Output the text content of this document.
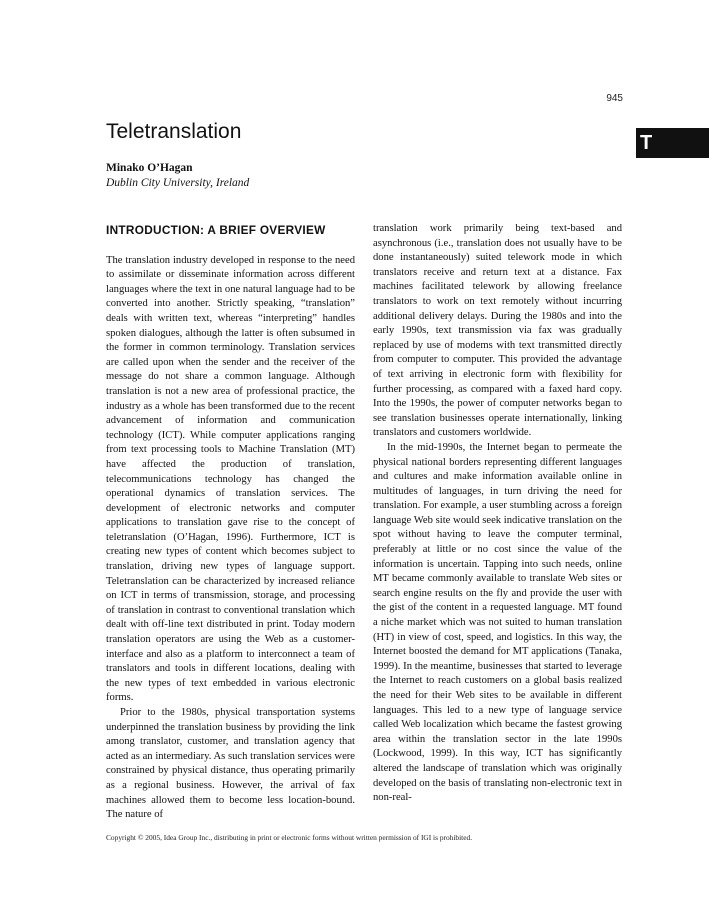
945
T
Teletranslation
Minako O’Hagan
Dublin City University, Ireland
INTRODUCTION: A BRIEF OVERVIEW

The translation industry developed in response to the need to assimilate or disseminate information across different languages where the text in one natural language had to be converted into another. Strictly speaking, “translation” deals with written text, whereas “interpreting” handles spoken dialogues, although the latter is often subsumed in the former in common terminology. Translation services are called upon when the sender and the receiver of the message do not share a common language. Although translation is not a new area of professional practice, the industry as a whole has been transformed due to the recent advancement of information and communication technology (ICT). While computer applications ranging from text processing tools to Machine Translation (MT) have affected the production of translation, telecommunications technology has changed the operational dynamics of translation services. The development of electronic networks and computer applications to translation gave rise to the concept of teletranslation (O’Hagan, 1996). Furthermore, ICT is creating new types of content which becomes subject to translation, driving new types of language support. Teletranslation can be characterized by increased reliance on ICT in terms of transmission, storage, and processing of translation in contrast to conventional translation which dealt with off-line text distributed in print. Today modern translation operators are using the Web as a customer-interface and also as a platform to interconnect a team of translators and tools in different locations, dealing with the new types of text embedded in various electronic forms.

Prior to the 1980s, physical transportation systems underpinned the translation business by providing the link among translator, customer, and translation agency that acted as an intermediary. As such translation services were constrained by physical distance, thus operating primarily as a regional business. However, the arrival of fax machines allowed them to become less location-bound. The nature of

translation work primarily being text-based and asynchronous (i.e., translation does not usually have to be done instantaneously) suited telework mode in which translators receive and return text at a distance. Fax machines facilitated telework by allowing freelance translators to work on text remotely without incurring additional delivery delays. During the 1980s and into the early 1990s, text transmission via fax was gradually replaced by use of modems with text transmitted directly from computer to computer. This provided the advantage of text arriving in electronic form with flexibility for further processing, as compared with a faxed hard copy. Into the 1990s, the power of computer networks began to see translation businesses operate internationally, linking translators and customers worldwide.

In the mid-1990s, the Internet began to permeate the physical national borders representing different languages and cultures and make information available online in multitudes of languages, in turn driving the need for translation. For example, a user stumbling across a foreign language Web site would seek indicative translation on the spot without having to leave the computer terminal, preferably at little or no cost since the value of the information is uncertain. Tapping into such needs, online MT became commonly available to translate Web sites or search engine results on the fly and provide the user with the gist of the content in a requested language. MT found a niche market which was not suited to human translation (HT) in view of cost, speed, and logistics. In this way, the Internet boosted the demand for MT applications (Tanaka, 1999). In the meantime, businesses that started to leverage the Internet to reach customers on a global basis realized the need for their Web sites to be available in different languages. This led to a new type of language service called Web localization which became the fastest growing area within the translation sector in the late 1990s (Lockwood, 1999). In this way, ICT has significantly altered the landscape of translation which was originally developed on the basis of translating non-electronic text in non-real-

Copyright © 2005, Idea Group Inc., distributing in print or electronic forms without written permission of IGI is prohibited.
